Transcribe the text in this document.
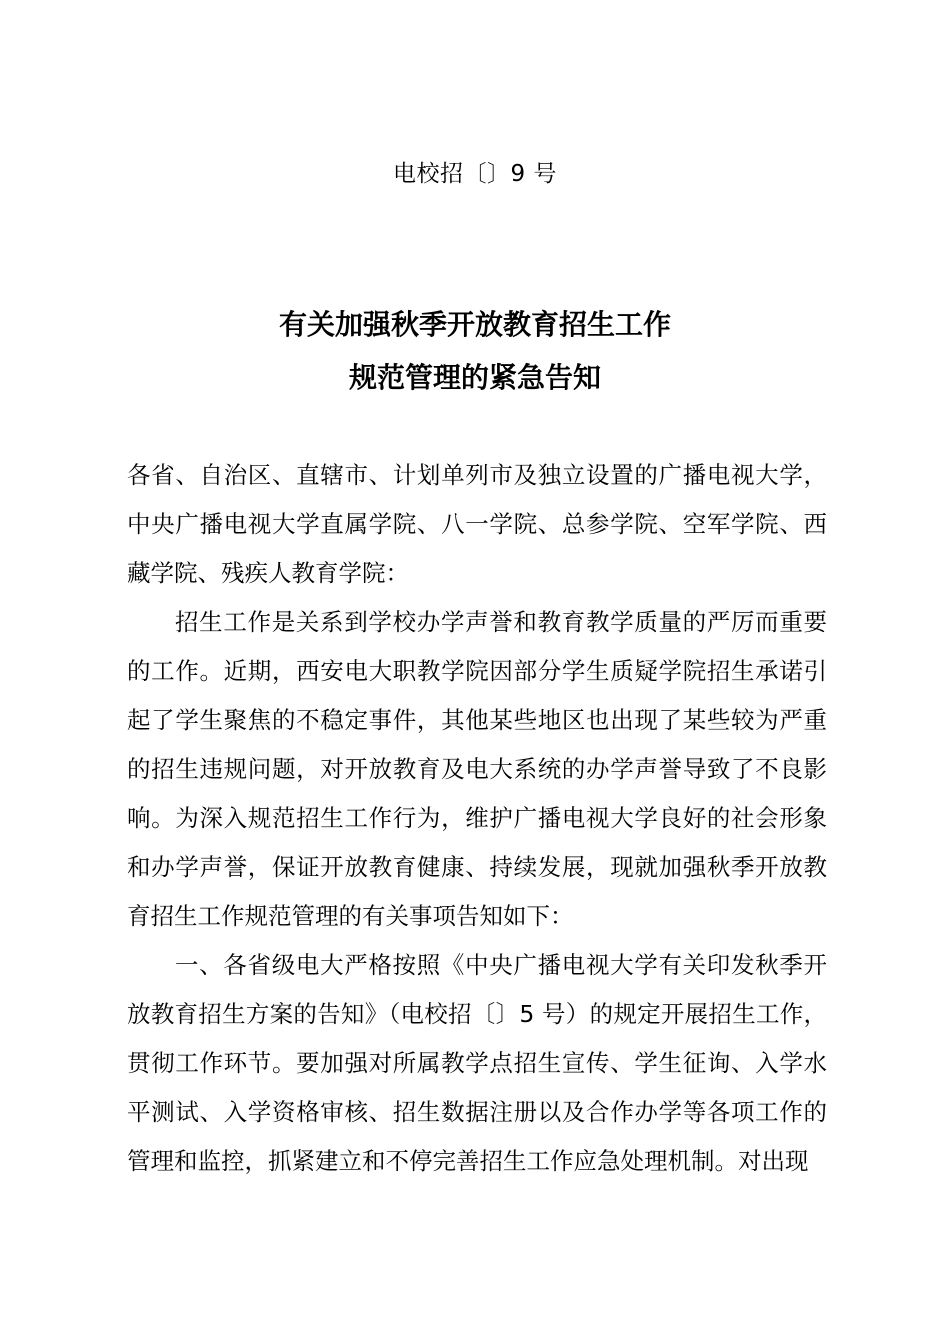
电校招〔〕9 号
有关加强秋季开放教育招生工作
规范管理的紧急告知

各省、自治区、直辖市、计划单列市及独立设置的广播电视大学，中央广播电视大学直属学院、八一学院、总参学院、空军学院、西藏学院、残疾人教育学院：

招生工作是关系到学校办学声誉和教育教学质量的严厉而重要的工作。近期，西安电大职教学院因部分学生质疑学院招生承诺引起了学生聚焦的不稳定事件，其他某些地区也出现了某些较为严重的招生违规问题，对开放教育及电大系统的办学声誉导致了不良影响。为深入规范招生工作行为，维护广播电视大学良好的社会形象和办学声誉，保证开放教育健康、持续发展，现就加强秋季开放教育招生工作规范管理的有关事项告知如下：

一、各省级电大严格按照《中央广播电视大学有关印发秋季开放教育招生方案的告知》（电校招〔〕5 号）的规定开展招生工作，贯彻工作环节。要加强对所属教学点招生宣传、学生征询、入学水平测试、入学资格审核、招生数据注册以及合作办学等各项工作的管理和监控，抓紧建立和不停完善招生工作应急处理机制。对出现
